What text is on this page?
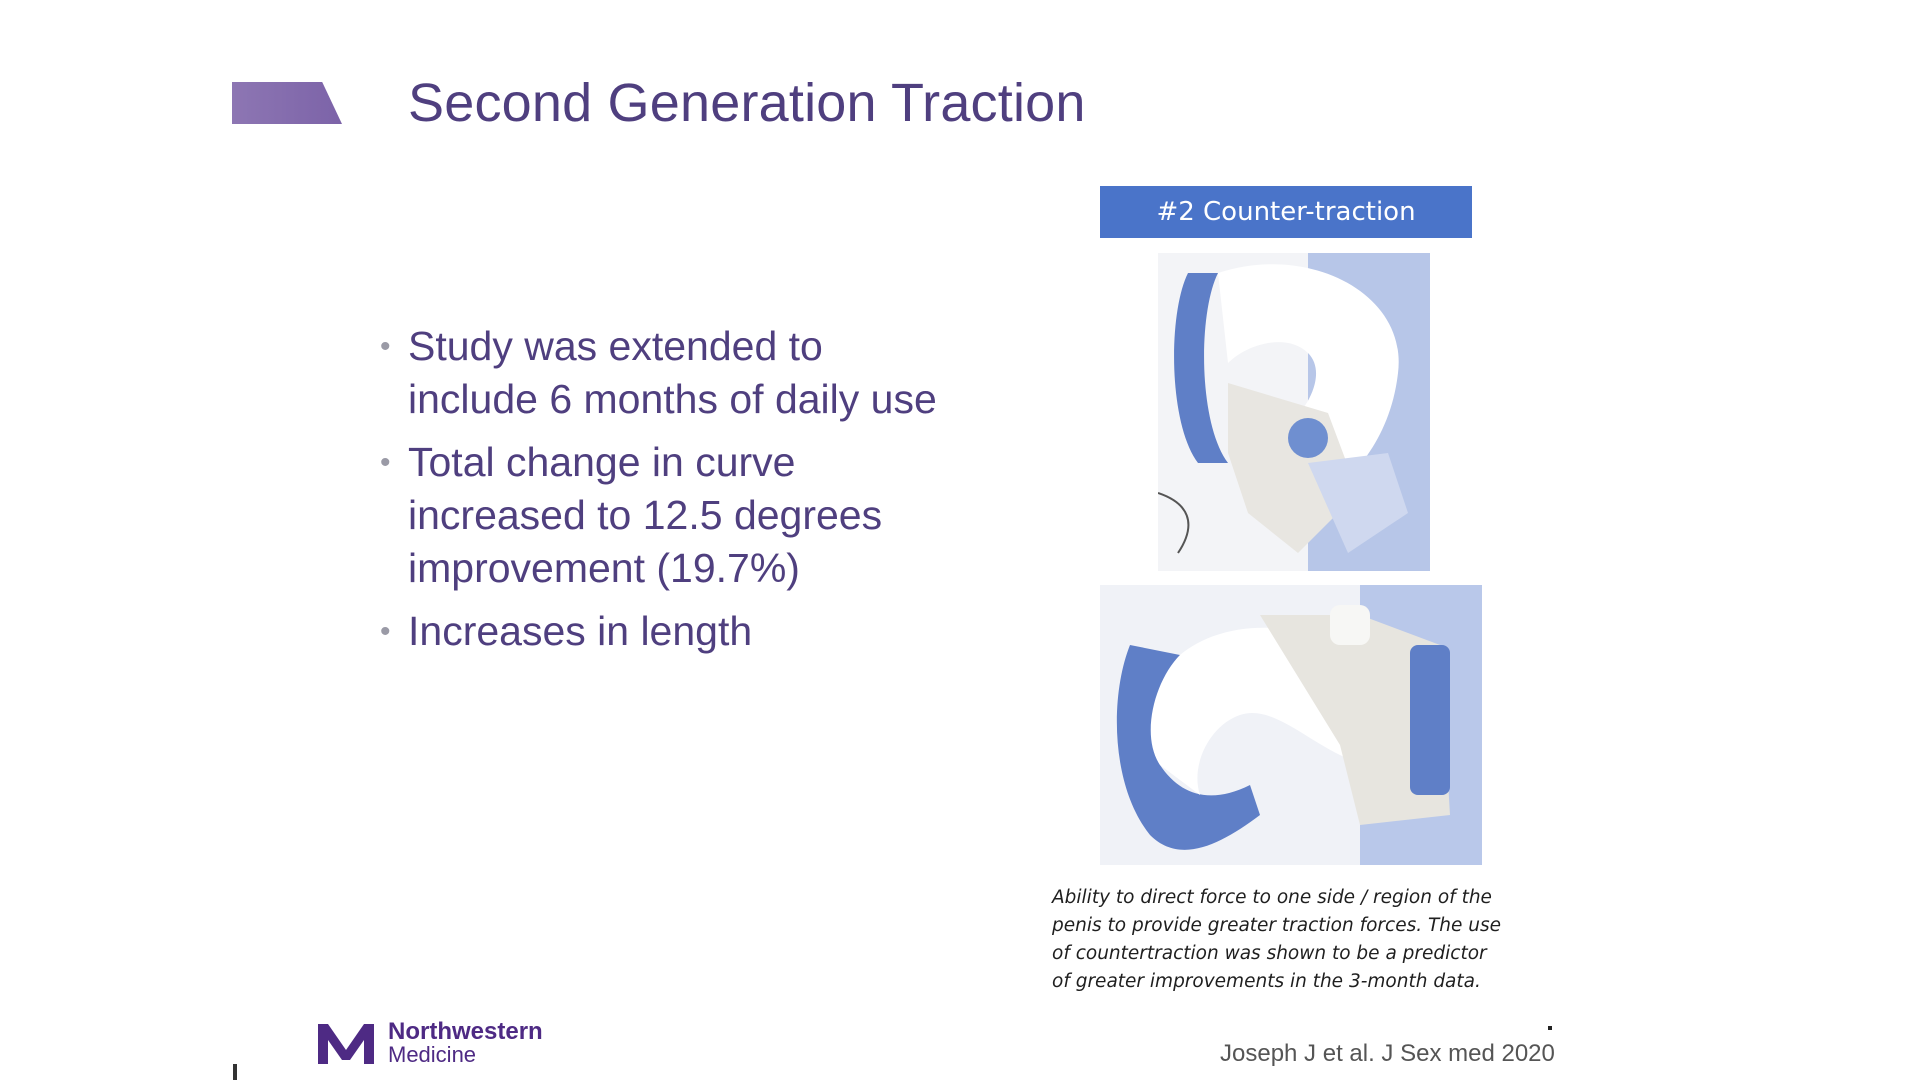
Second Generation Traction
• Study was extended to include 6 months of daily use
• Total change in curve increased to 12.5 degrees improvement (19.7%)
• Increases in length
#2 Counter-traction
Ability to direct force to one side / region of the
penis to provide greater traction forces. The use
of countertraction was shown to be a predictor
of greater improvements in the 3-month data.
Northwestern
Medicine	Joseph J et al. J Sex med 2020
